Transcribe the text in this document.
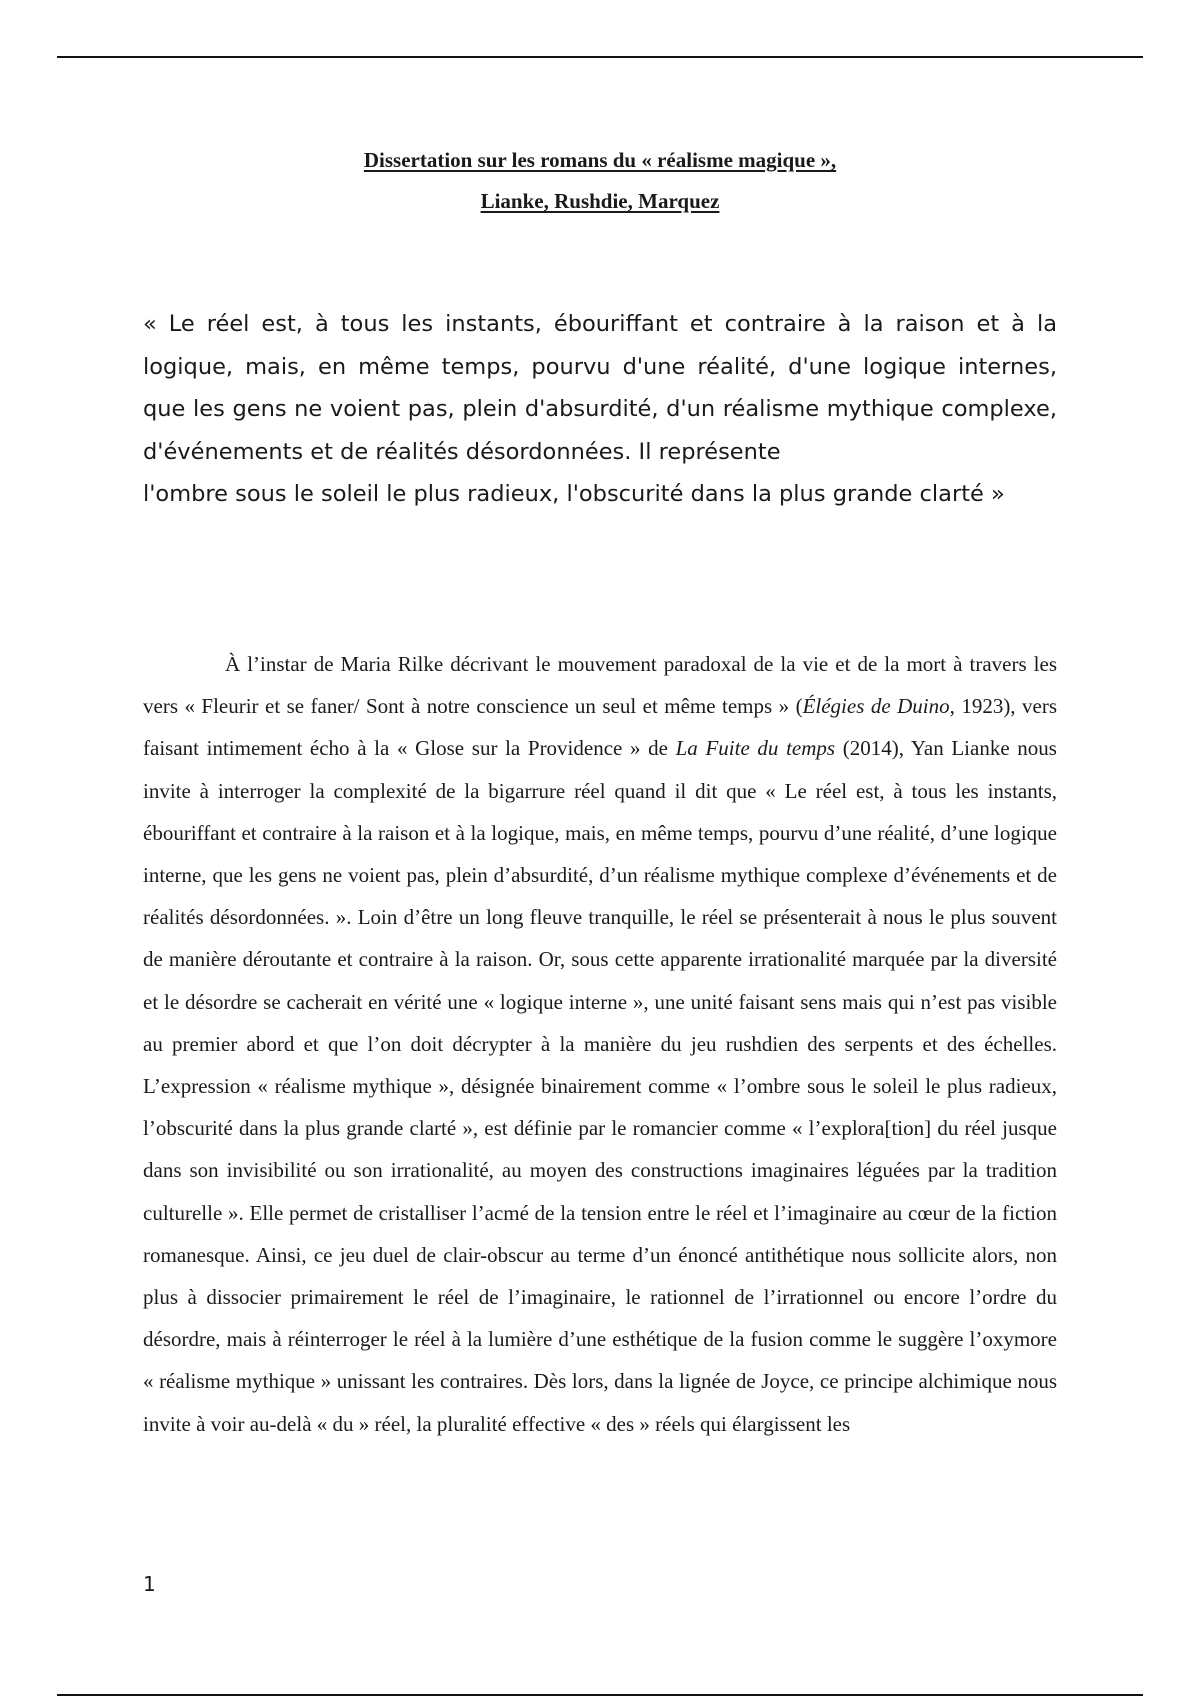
Dissertation sur les romans du « réalisme magique »,
Lianke, Rushdie, Marquez

« Le réel est, à tous les instants, ébouriffant et contraire à la raison et à la logique, mais, en même temps, pourvu d'une réalité, d'une logique internes, que les gens ne voient pas, plein d'absurdité, d'un réalisme mythique complexe, d'événements et de réalités désordonnées. Il représente

l'ombre sous le soleil le plus radieux, l'obscurité dans la plus grande clarté »

À l’instar de Maria Rilke décrivant le mouvement paradoxal de la vie et de la mort à travers les vers « Fleurir et se faner/ Sont à notre conscience un seul et même temps » (Élégies de Duino, 1923), vers faisant intimement écho à la « Glose sur la Providence » de La Fuite du temps (2014), Yan Lianke nous invite à interroger la complexité de la bigarrure réel quand il dit que « Le réel est, à tous les instants, ébouriffant et contraire à la raison et à la logique, mais, en même temps, pourvu d’une réalité, d’une logique interne, que les gens ne voient pas, plein d’absurdité, d’un réalisme mythique complexe d’événements et de réalités désordonnées. ». Loin d’être un long fleuve tranquille, le réel se présenterait à nous le plus souvent de manière déroutante et contraire à la raison. Or, sous cette apparente irrationalité marquée par la diversité et le désordre se cacherait en vérité une « logique interne », une unité faisant sens mais qui n’est pas visible au premier abord et que l’on doit décrypter à la manière du jeu rushdien des serpents et des échelles. L’expression « réalisme mythique », désignée binairement comme « l’ombre sous le soleil le plus radieux, l’obscurité dans la plus grande clarté », est définie par le romancier comme « l’explora[tion] du réel jusque dans son invisibilité ou son irrationalité, au moyen des constructions imaginaires léguées par la tradition culturelle ». Elle permet de cristalliser l’acmé de la tension entre le réel et l’imaginaire au cœur de la fiction romanesque. Ainsi, ce jeu duel de clair-obscur au terme d’un énoncé antithétique nous sollicite alors, non plus à dissocier primairement le réel de l’imaginaire, le rationnel de l’irrationnel ou encore l’ordre du désordre, mais à réinterroger le réel à la lumière d’une esthétique de la fusion comme le suggère l’oxymore « réalisme mythique » unissant les contraires. Dès lors, dans la lignée de Joyce, ce principe alchimique nous invite à voir au-delà « du » réel, la pluralité effective « des » réels qui élargissent les

1
